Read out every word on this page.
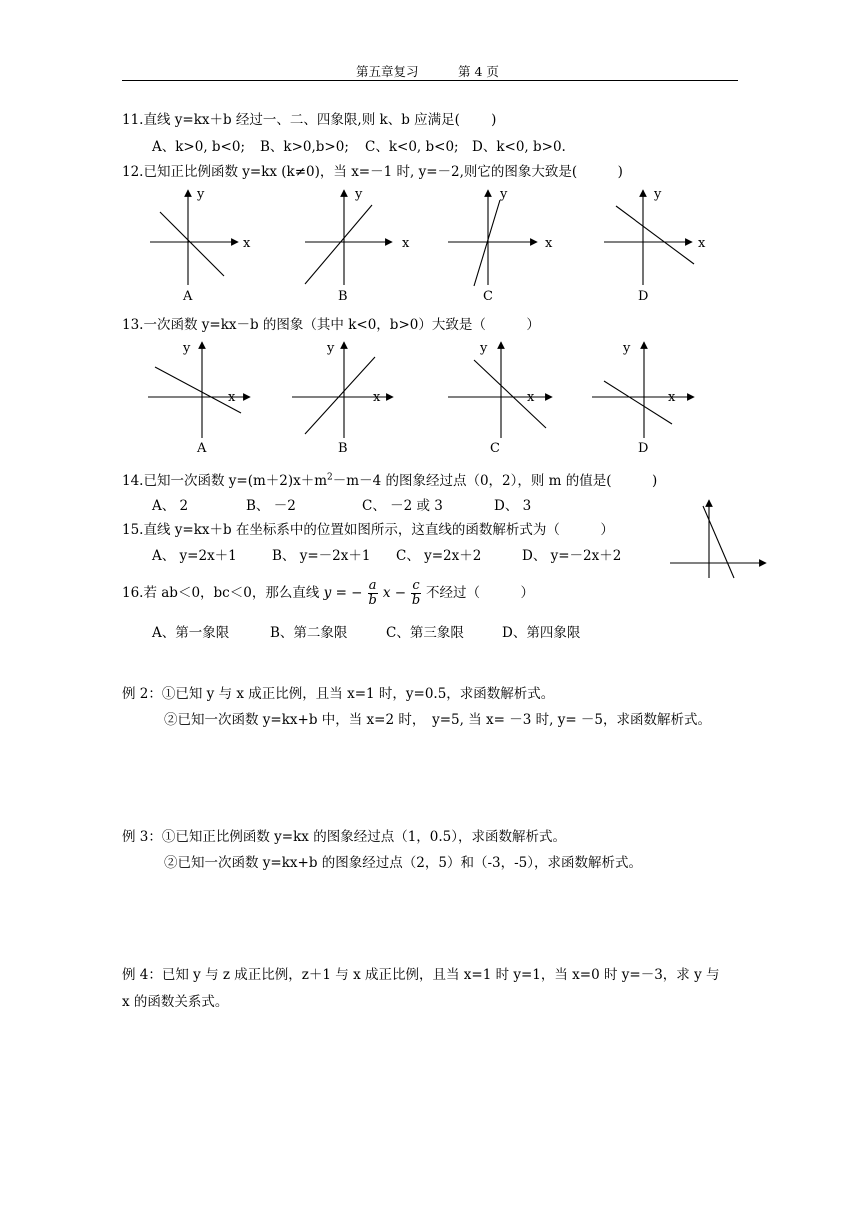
第五章复习	第 4 页
11.直线 y=kx＋b 经过一、二、四象限,则 k、b 应满足(　　 )
A、k>0, b<0; B、k>0,b>0; C、k<0, b<0; D、k<0, b>0.
12.已知正比例函数 y=kx (k≠0)，当 x=－1 时, y=－2,则它的图象大致是(　　　)
y
x
A
y
x
B
y
x
C
y
x
D
13.一次函数 y=kx－b 的图象（其中 k<0，b>0）大致是（　　　）
y
x
A
y
x
B
y
x
C
y
x
D
14.已知一次函数 $y=(m+2)x+m^2-m-4$ 的图象经过点（0，2），则 m 的值是(　　　)
A、 2	B、 －2	C、 －2 或 3	D、 3
15.直线 y=kx＋b 在坐标系中的位置如图所示，这直线的函数解析式为（　　　）
A、 y=2x＋1	B、 y=－2x＋1 C、 y=2x＋2	D、 y=－2x＋2
16.若 ab＜0，bc＜0，那么直线 y = − $\frac{a}{b}$ $x - \frac{c}{b}$ 不经过（　　　）
A、第一象限	B、第二象限	C、第三象限	D、第四象限
例 2：①已知 y 与 x 成正比例，且当 x=1 时，y=0.5，求函数解析式。
②已知一次函数 y=kx+b 中，当 x=2 时，　y=5, 当 x= －3 时, y= －5，求函数解析式。
例 3：①已知正比例函数 y=kx 的图象经过点（1，0.5），求函数解析式。
②已知一次函数 y=kx+b 的图象经过点（2，5）和（-3，-5），求函数解析式。
例 4：已知 y 与 z 成正比例，z＋1 与 x 成正比例，且当 x=1 时 y=1，当 x=0 时 y=－3，求 y 与
x 的函数关系式。
